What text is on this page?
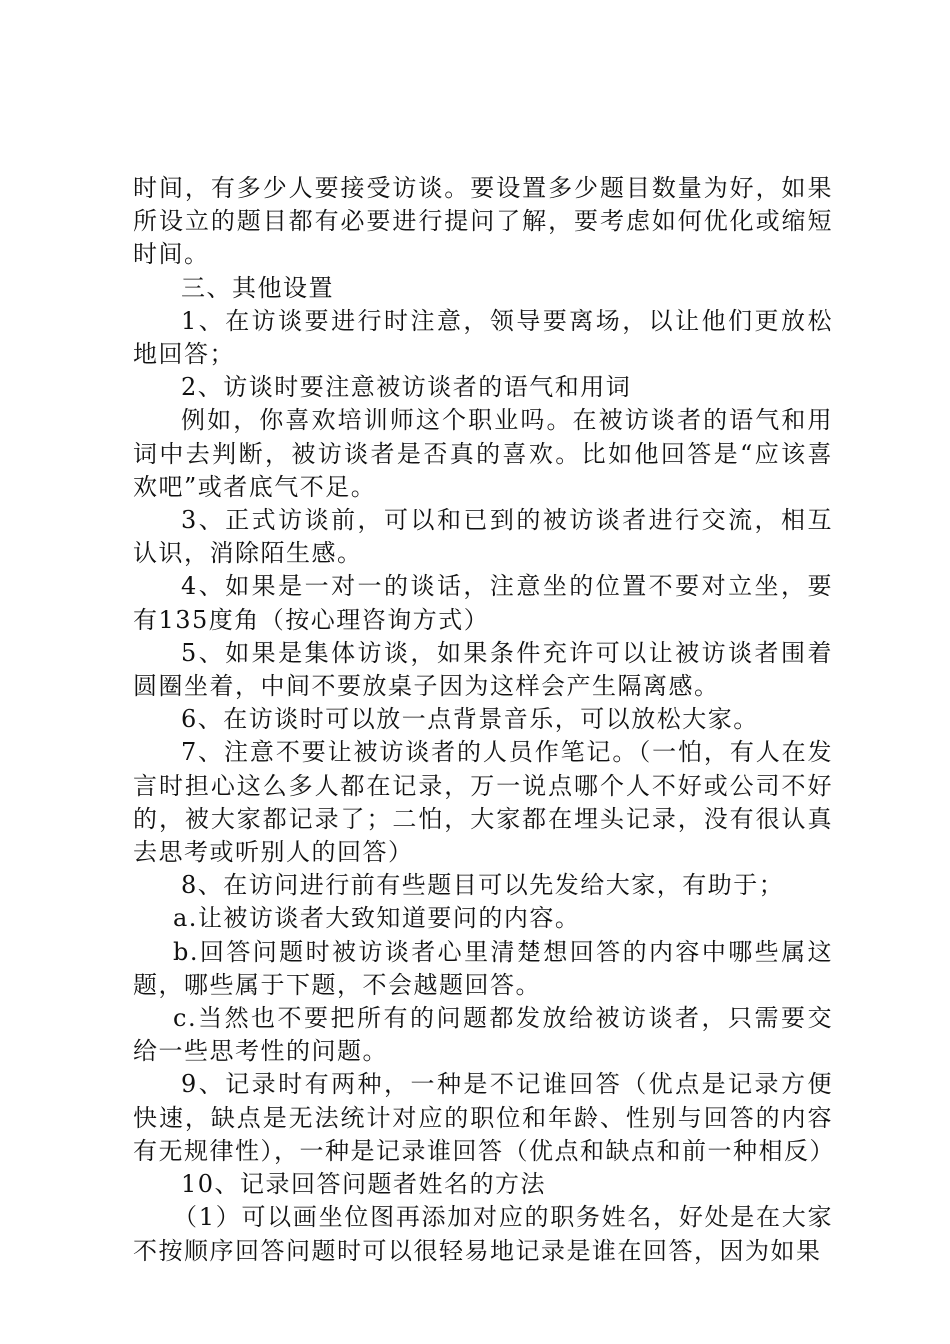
时间，有多少人要接受访谈。要设置多少题目数量为好，如果所设立的题目都有必要进行提问了解，要考虑如何优化或缩短时间。

三、其他设置

1、在访谈要进行时注意，领导要离场，以让他们更放松地回答；

2、访谈时要注意被访谈者的语气和用词

例如，你喜欢培训师这个职业吗。在被访谈者的语气和用词中去判断，被访谈者是否真的喜欢。比如他回答是“应该喜欢吧”或者底气不足。

3、正式访谈前，可以和已到的被访谈者进行交流，相互认识，消除陌生感。

4、如果是一对一的谈话，注意坐的位置不要对立坐，要有135度角（按心理咨询方式）

5、如果是集体访谈，如果条件充许可以让被访谈者围着圆圈坐着，中间不要放桌子因为这样会产生隔离感。

6、在访谈时可以放一点背景音乐，可以放松大家。

7、注意不要让被访谈者的人员作笔记。（一怕，有人在发言时担心这么多人都在记录，万一说点哪个人不好或公司不好的，被大家都记录了；二怕，大家都在埋头记录，没有很认真去思考或听别人的回答）

8、在访问进行前有些题目可以先发给大家，有助于；

a.让被访谈者大致知道要问的内容。

b.回答问题时被访谈者心里清楚想回答的内容中哪些属这题，哪些属于下题，不会越题回答。

c.当然也不要把所有的问题都发放给被访谈者，只需要交给一些思考性的问题。

9、记录时有两种，一种是不记谁回答（优点是记录方便快速，缺点是无法统计对应的职位和年龄、性别与回答的内容有无规律性），一种是记录谁回答（优点和缺点和前一种相反）

10、记录回答问题者姓名的方法

（1）可以画坐位图再添加对应的职务姓名，好处是在大家不按顺序回答问题时可以很轻易地记录是谁在回答，因为如果
